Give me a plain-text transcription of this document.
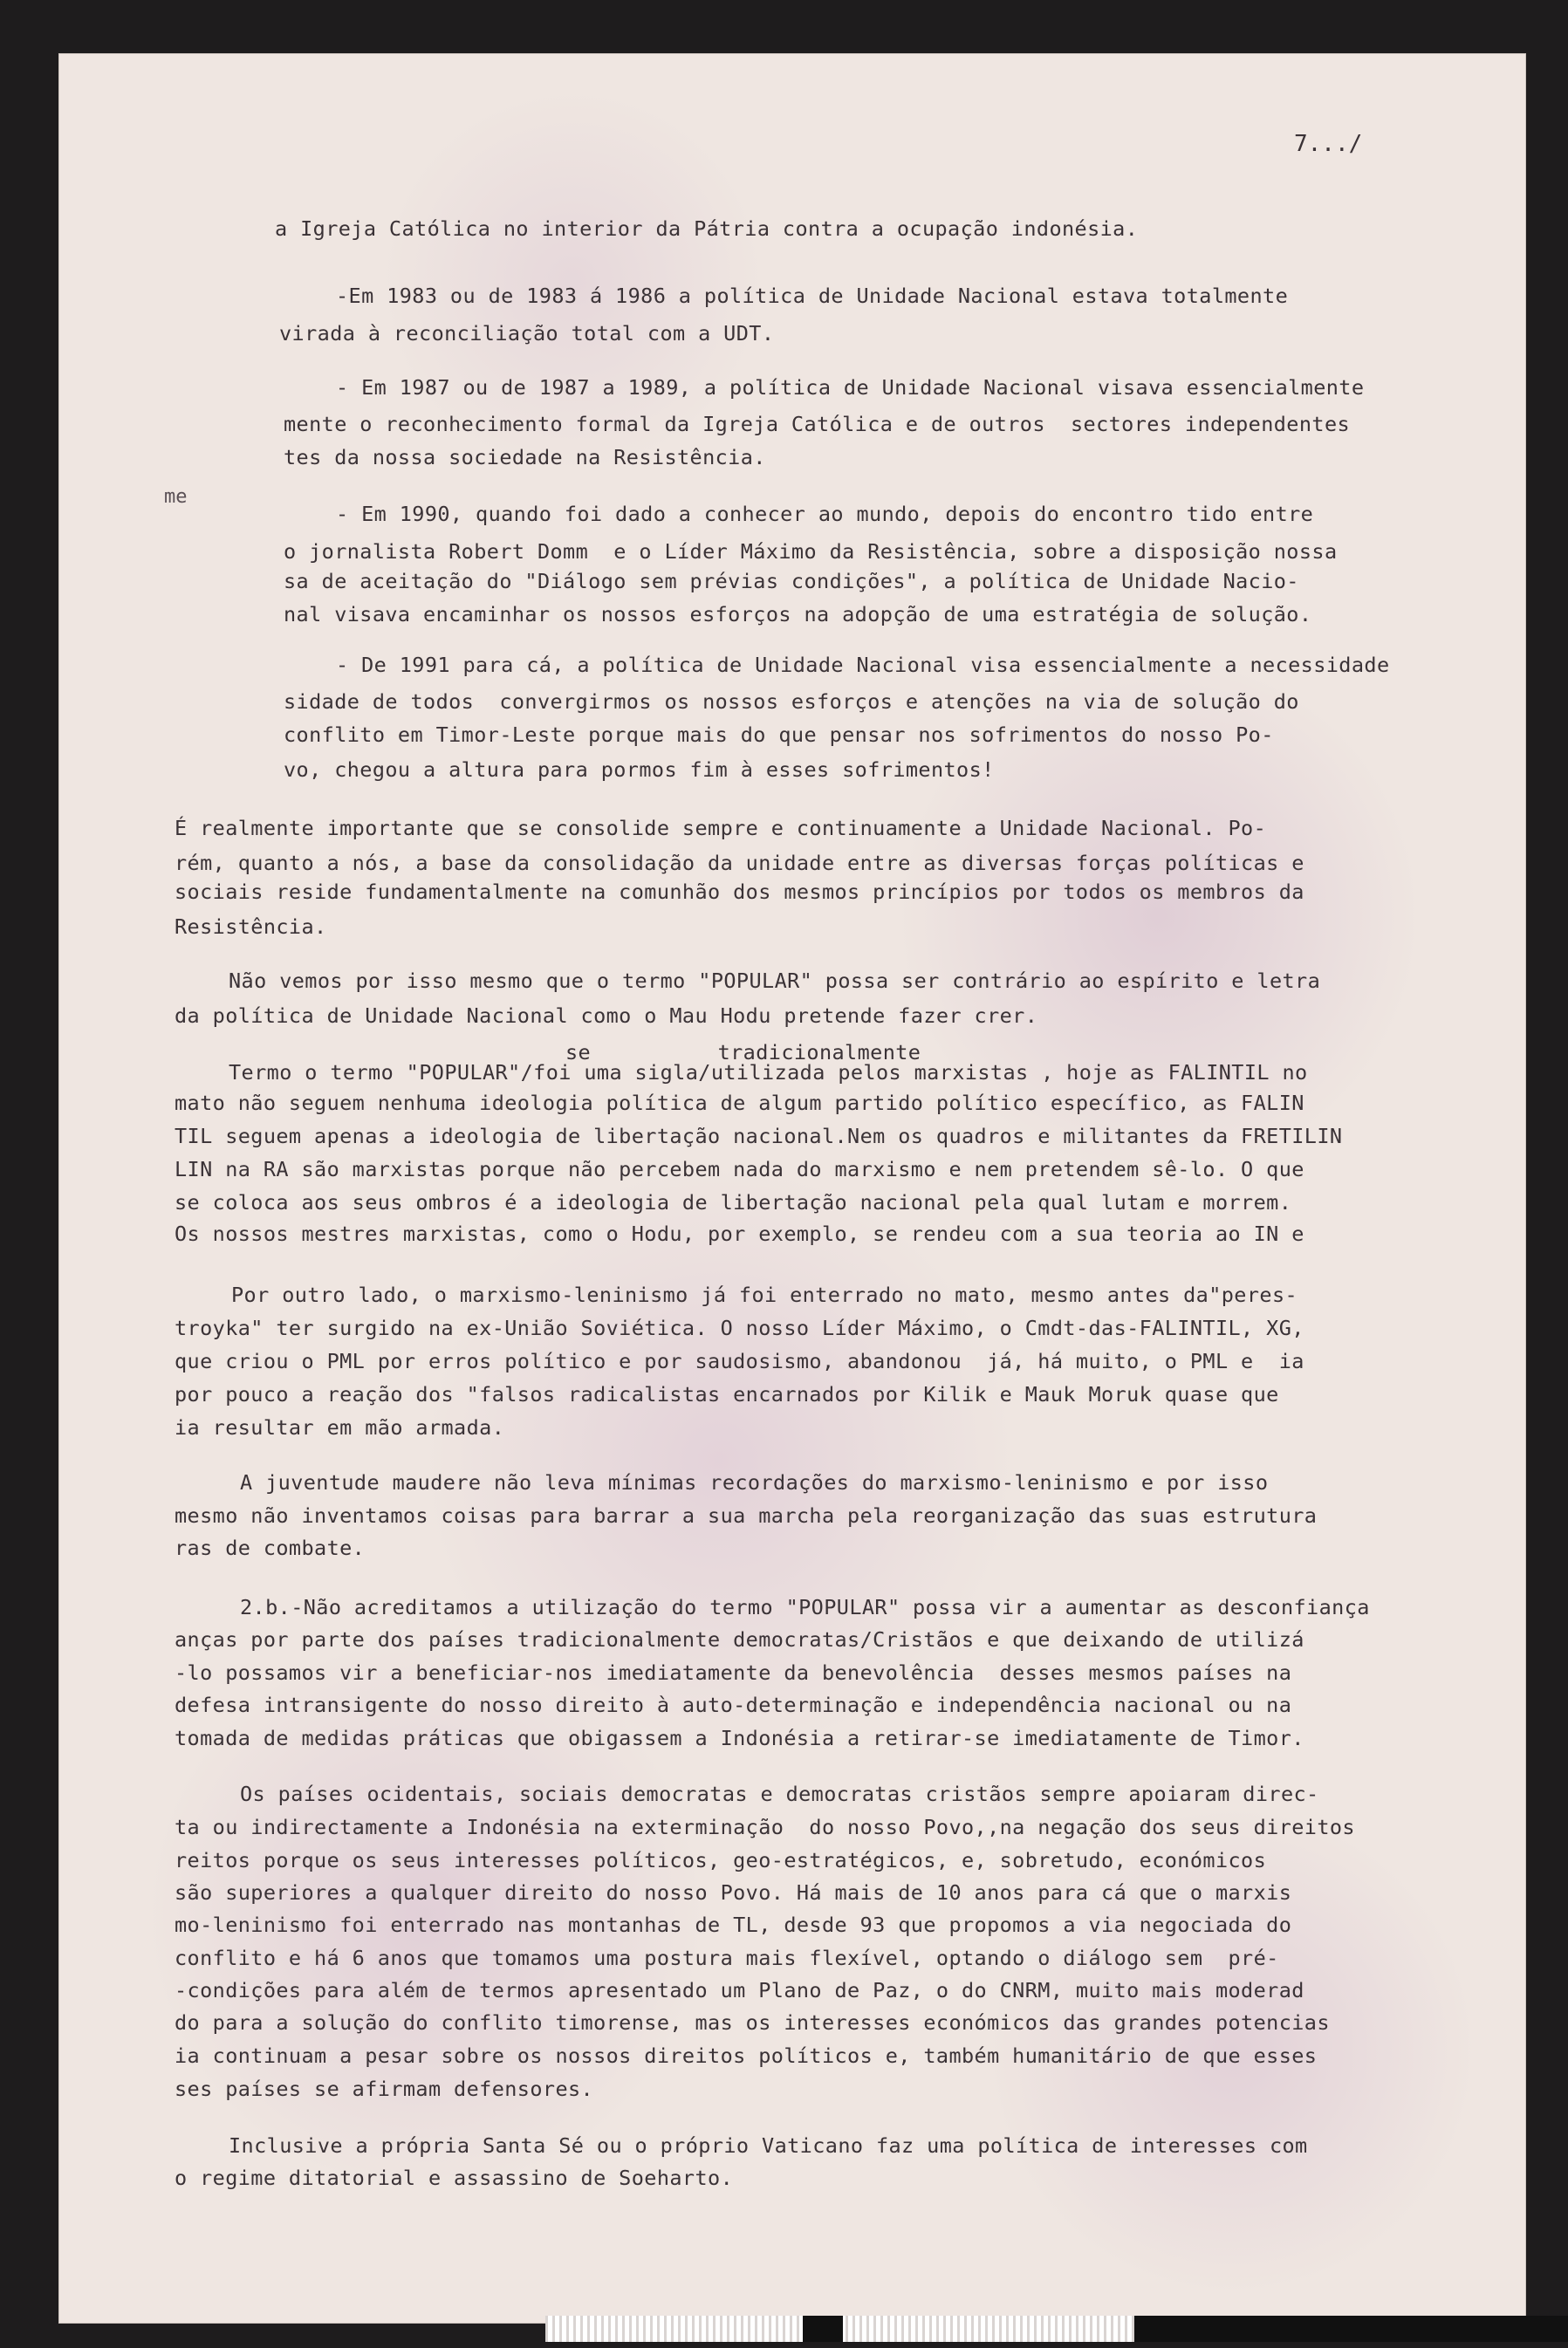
a Igreja Católica no interior da Pátria contra a ocupação indonésia.
-Em 1983 ou de 1983 á 1986 a política de Unidade Nacional estava totalmente
virada à reconciliação total com a UDT.
- Em 1987 ou de 1987 a 1989, a política de Unidade Nacional visava essencialmente
mente o reconhecimento formal da Igreja Católica e de outros  sectores independentes
tes da nossa sociedade na Resistência.
- Em 1990, quando foi dado a conhecer ao mundo, depois do encontro tido entre
o jornalista Robert Domm  e o Líder Máximo da Resistência, sobre a disposição nossa
sa de aceitação do "Diálogo sem prévias condições", a política de Unidade Nacio-
nal visava encaminhar os nossos esforços na adopção de uma estratégia de solução.
- De 1991 para cá, a política de Unidade Nacional visa essencialmente a necessidade
sidade de todos  convergirmos os nossos esforços e atenções na via de solução do
conflito em Timor-Leste porque mais do que pensar nos sofrimentos do nosso Po-
vo, chegou a altura para pormos fim à esses sofrimentos!
É realmente importante que se consolide sempre e continuamente a Unidade Nacional. Po-
rém, quanto a nós, a base da consolidação da unidade entre as diversas forças políticas e
sociais reside fundamentalmente na comunhão dos mesmos princípios por todos os membros da
Resistência.
Não vemos por isso mesmo que o termo "POPULAR" possa ser contrário ao espírito e letra
da política de Unidade Nacional como o Mau Hodu pretende fazer crer.
se          tradicionalmente
Termo o termo "POPULAR"/foi uma sigla/utilizada pelos marxistas , hoje as FALINTIL no
mato não seguem nenhuma ideologia política de algum partido político específico, as FALIN
TIL seguem apenas a ideologia de libertação nacional.Nem os quadros e militantes da FRETILIN
LIN na RA são marxistas porque não percebem nada do marxismo e nem pretendem sê-lo. O que
se coloca aos seus ombros é a ideologia de libertação nacional pela qual lutam e morrem.
Os nossos mestres marxistas, como o Hodu, por exemplo, se rendeu com a sua teoria ao IN e
Por outro lado, o marxismo-leninismo já foi enterrado no mato, mesmo antes da"peres-
troyka" ter surgido na ex-União Soviética. O nosso Líder Máximo, o Cmdt-das-FALINTIL, XG,
que criou o PML por erros político e por saudosismo, abandonou  já, há muito, o PML e  ia
por pouco a reação dos "falsos radicalistas encarnados por Kilik e Mauk Moruk quase que
ia resultar em mão armada.
A juventude maudere não leva mínimas recordações do marxismo-leninismo e por isso
mesmo não inventamos coisas para barrar a sua marcha pela reorganização das suas estrutura
ras de combate.
2.b.-Não acreditamos a utilização do termo "POPULAR" possa vir a aumentar as desconfiança
anças por parte dos países tradicionalmente democratas/Cristãos e que deixando de utilizá
-lo possamos vir a beneficiar-nos imediatamente da benevolência  desses mesmos países na
defesa intransigente do nosso direito à auto-determinação e independência nacional ou na
tomada de medidas práticas que obigassem a Indonésia a retirar-se imediatamente de Timor.
Os países ocidentais, sociais democratas e democratas cristãos sempre apoiaram direc-
ta ou indirectamente a Indonésia na exterminação  do nosso Povo,,na negação dos seus direitos
reitos porque os seus interesses políticos, geo-estratégicos, e, sobretudo, económicos
são superiores a qualquer direito do nosso Povo. Há mais de 10 anos para cá que o marxis
mo-leninismo foi enterrado nas montanhas de TL, desde 93 que propomos a via negociada do
conflito e há 6 anos que tomamos uma postura mais flexível, optando o diálogo sem  pré-
-condições para além de termos apresentado um Plano de Paz, o do CNRM, muito mais moderad
do para a solução do conflito timorense, mas os interesses económicos das grandes potencias
ia continuam a pesar sobre os nossos direitos políticos e, também humanitário de que esses
ses países se afirmam defensores.
Inclusive a própria Santa Sé ou o próprio Vaticano faz uma política de interesses com
o regime ditatorial e assassino de Soeharto.
7.../
me
